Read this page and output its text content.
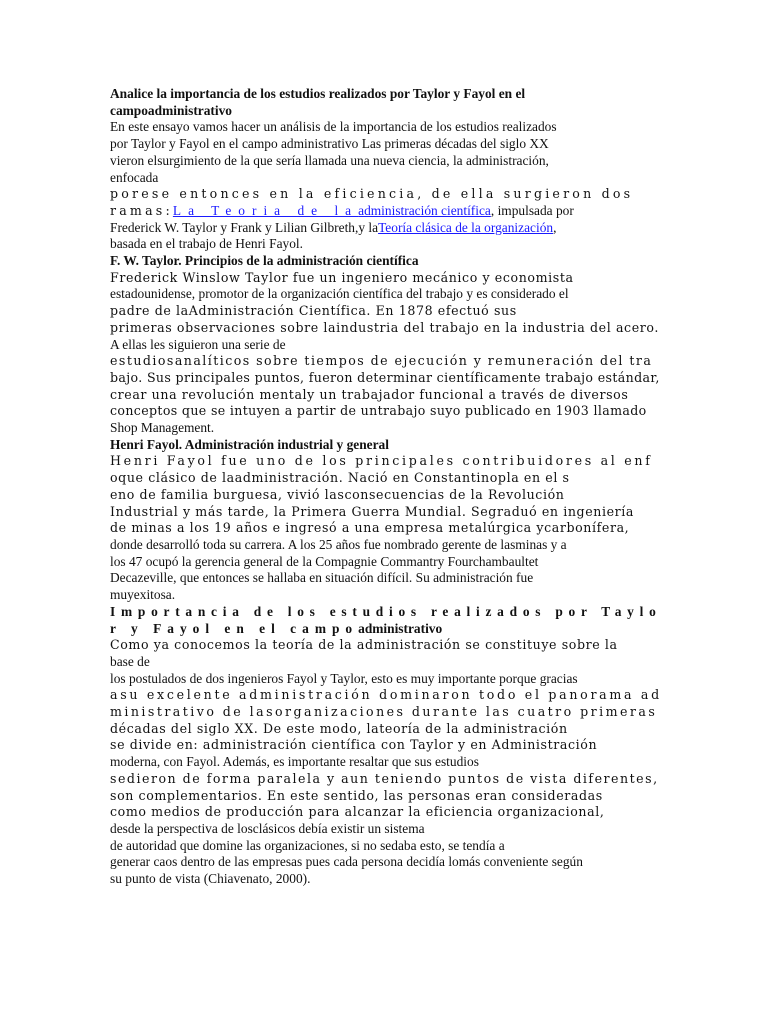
Analice la importancia de los estudios realizados por Taylor y Fayol en el
campoadministrativo
En este ensayo vamos hacer un análisis de la importancia de los estudios realizados
por Taylor y Fayol en el campo administrativo Las primeras décadas del siglo XX
vieron elsurgimiento de la que sería llamada una nueva ciencia, la administración,
enfocada
porese entonces en la eficiencia, de ella surgieron dos
ramas:La Teoria de laadministración científica, impulsada por
Frederick W. Taylor y Frank y Lilian Gilbreth,y laTeoría clásica de la organización,
basada en el trabajo de Henri Fayol.
F. W. Taylor. Principios de la administración científica
Frederick Winslow Taylor fue un ingeniero mecánico y economista
estadounidense, promotor de la organización científica del trabajo y es considerado el
padre de laAdministración Científica. En 1878 efectuó sus
primeras observaciones sobre laindustria del trabajo en la industria del acero.
A ellas les siguieron una serie de
estudiosanalíticos sobre tiempos de ejecución y remuneración del tra
bajo. Sus principales puntos, fueron determinar científicamente trabajo estándar,
crear una revolución mentaly un trabajador funcional a través de diversos
conceptos que se intuyen a partir de untrabajo suyo publicado en 1903 llamado
Shop Management.
Henri Fayol. Administración industrial y general
Henri Fayol fue uno de los principales contribuidores al enf
oque clásico de laadministración. Nació en Constantinopla en el s
eno de familia burguesa, vivió lasconsecuencias de la Revolución
Industrial y más tarde, la Primera Guerra Mundial. Segraduó en ingeniería
de minas a los 19 años e ingresó a una empresa metalúrgica ycarbonífera,
donde desarrolló toda su carrera. A los 25 años fue nombrado gerente de lasminas y a
los 47 ocupó la gerencia general de la Compagnie Commantry Fourchambaultet
Decazeville, que entonces se hallaba en situación difícil. Su administración fue
muyexitosa.
Importancia de los estudios realizados por Taylo
r y Fayol en el campoadministrativo
Como ya conocemos la teoría de la administración se constituye sobre la
base de
los postulados de dos ingenieros Fayol y Taylor, esto es muy importante porque gracias
asu excelente administración dominaron todo el panorama ad
ministrativo de lasorganizaciones durante las cuatro primeras
décadas del siglo XX. De este modo, lateoría de la administración
se divide en: administración científica con Taylor y en Administración
moderna, con Fayol. Además, es importante resaltar que sus estudios
sedieron de forma paralela y aun teniendo puntos de vista diferentes,
son complementarios. En este sentido, las personas eran consideradas
como medios de producción para alcanzar la eficiencia organizacional,
desde la perspectiva de losclásicos debía existir un sistema
de autoridad que domine las organizaciones, si no sedaba esto, se tendía a
generar caos dentro de las empresas pues cada persona decidía lomás conveniente según
su punto de vista (Chiavenato, 2000).
